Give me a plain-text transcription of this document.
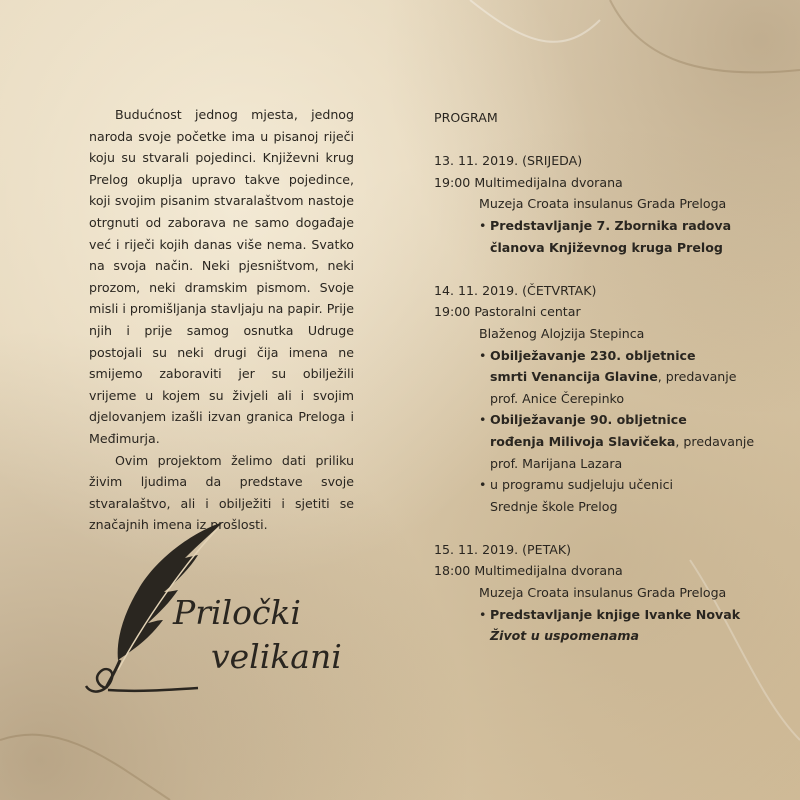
Budućnost jednog mjesta, jednog naroda svoje početke ima u pisanoj riječi koju su stvarali pojedinci. Književni krug Prelog okuplja upravo takve pojedince, koji svojim pisanim stvaralaštvom nastoje otrgnuti od zaborava ne samo događaje već i riječi kojih danas više nema. Svatko na svoja način. Neki pjesništvom, neki prozom, neki dramskim pismom. Svoje misli i promišljanja stavljaju na papir. Prije njih i prije samog osnutka Udruge postojali su neki drugi čija imena ne smijemo zaboraviti jer su obilježili vrijeme u kojem su živjeli ali i svojim djelovanjem izašli izvan granica Preloga i Međimurja.

Ovim projektom želimo dati priliku živim ljudima da predstave svoje stvaralaštvo, ali i obilježiti i sjetiti se značajnih imena iz prošlosti.

Priločki
velikani
PROGRAM
13. 11. 2019. (SRIJEDA)
19:00 Multimedijalna dvorana
Muzeja Croata insulanus Grada Preloga
• Predstavljanje 7. Zbornika radova
članova Književnog kruga Prelog
14. 11. 2019. (ČETVRTAK)
19:00 Pastoralni centar
Blaženog Alojzija Stepinca
• Obilježavanje 230. obljetnice
smrti Venancija Glavine, predavanje
prof. Anice Čerepinko
• Obilježavanje 90. obljetnice
rođenja Milivoja Slavičeka, predavanje
prof. Marijana Lazara
• u programu sudjeluju učenici
Srednje škole Prelog
15. 11. 2019. (PETAK)
18:00 Multimedijalna dvorana
Muzeja Croata insulanus Grada Preloga
• Predstavljanje knjige Ivanke Novak
Život u uspomenama
